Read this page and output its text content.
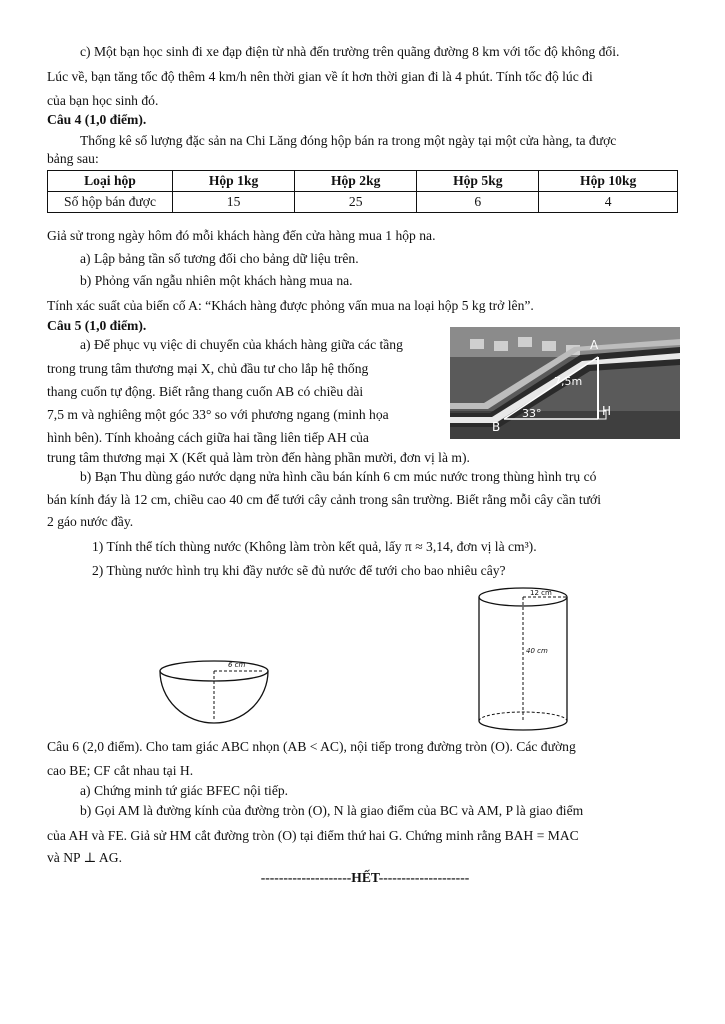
c) Một bạn học sinh đi xe đạp điện từ nhà đến trường trên quãng đường 8 km với tốc độ không đổi.
Lúc về, bạn tăng tốc độ thêm 4 km/h nên thời gian về ít hơn thời gian đi là 4 phút. Tính tốc độ lúc đi
của bạn học sinh đó.
Câu 4 (1,0 điểm).
Thống kê số lượng đặc sản na Chi Lăng đóng hộp bán ra trong một ngày tại một cửa hàng, ta được
bảng sau:
Loại hộp	Hộp 1kg	Hộp 2kg	Hộp 5kg	Hộp 10kg
Số hộp bán được	15	25	6	4
Giả sử trong ngày hôm đó mỗi khách hàng đến cửa hàng mua 1 hộp na.
a) Lập bảng tần số tương đối cho bảng dữ liệu trên.
b) Phỏng vấn ngẫu nhiên một khách hàng mua na.
Tính xác suất của biến cố A: “Khách hàng được phỏng vấn mua na loại hộp 5 kg trở lên”.
Câu 5 (1,0 điểm).
a) Để phục vụ việc di chuyển của khách hàng giữa các tầng
trong trung tâm thương mại X, chủ đầu tư cho lắp hệ thống
thang cuốn tự động. Biết rằng thang cuốn AB có chiều dài
7,5 m và nghiêng một góc 33° so với phương ngang (minh họa
hình bên). Tính khoảng cách giữa hai tầng liên tiếp AH của
trung tâm thương mại X (Kết quả làm tròn đến hàng phần mười, đơn vị là m).
A
B
H
7,5m
33°
b) Bạn Thu dùng gáo nước dạng nửa hình cầu bán kính 6 cm múc nước trong thùng hình trụ có
bán kính đáy là 12 cm, chiều cao 40 cm để tưới cây cảnh trong sân trường. Biết rằng mỗi cây cần tưới
2 gáo nước đầy.
1) Tính thể tích thùng nước (Không làm tròn kết quả, lấy π ≈ 3,14, đơn vị là cm³).
2) Thùng nước hình trụ khi đầy nước sẽ đủ nước để tưới cho bao nhiêu cây?
6 cm
12 cm
40 cm
Câu 6 (2,0 điểm). Cho tam giác ABC nhọn (AB < AC), nội tiếp trong đường tròn (O). Các đường
cao BE; CF cắt nhau tại H.
a) Chứng minh tứ giác BFEC nội tiếp.
b) Gọi AM là đường kính của đường tròn (O), N là giao điểm của BC và AM, P là giao điểm
của AH và FE. Giả sử HM cắt đường tròn (O) tại điểm thứ hai G. Chứng minh rằng BAH = MAC
và NP ⊥ AG.
--------------------HẾT--------------------
